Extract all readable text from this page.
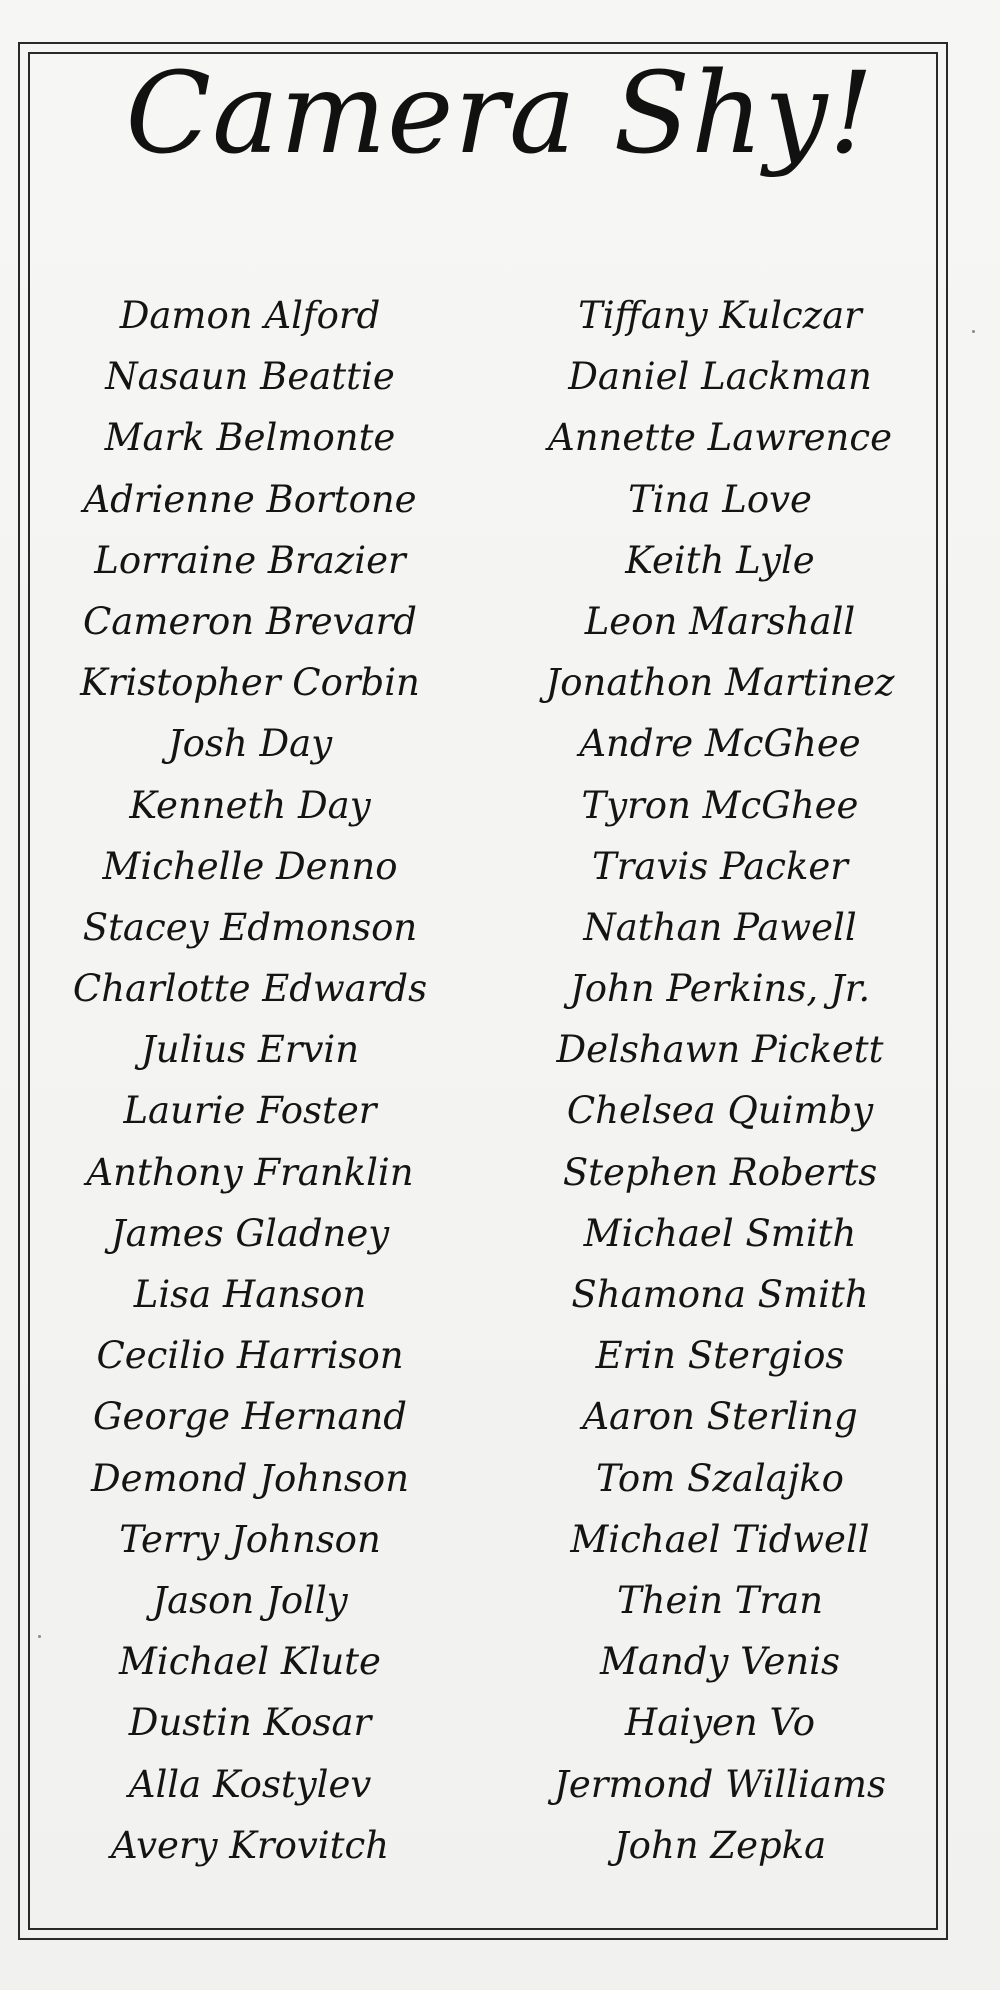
Camera Shy!
Damon Alford
Nasaun Beattie
Mark Belmonte
Adrienne Bortone
Lorraine Brazier
Cameron Brevard
Kristopher Corbin
Josh Day
Kenneth Day
Michelle Denno
Stacey Edmonson
Charlotte Edwards
Julius Ervin
Laurie Foster
Anthony Franklin
James Gladney
Lisa Hanson
Cecilio Harrison
George Hernand
Demond Johnson
Terry Johnson
Jason Jolly
Michael Klute
Dustin Kosar
Alla Kostylev
Avery Krovitch
Tiffany Kulczar
Daniel Lackman
Annette Lawrence
Tina Love
Keith Lyle
Leon Marshall
Jonathon Martinez
Andre McGhee
Tyron McGhee
Travis Packer
Nathan Pawell
John Perkins, Jr.
Delshawn Pickett
Chelsea Quimby
Stephen Roberts
Michael Smith
Shamona Smith
Erin Stergios
Aaron Sterling
Tom Szalajko
Michael Tidwell
Thein Tran
Mandy Venis
Haiyen Vo
Jermond Williams
John Zepka
